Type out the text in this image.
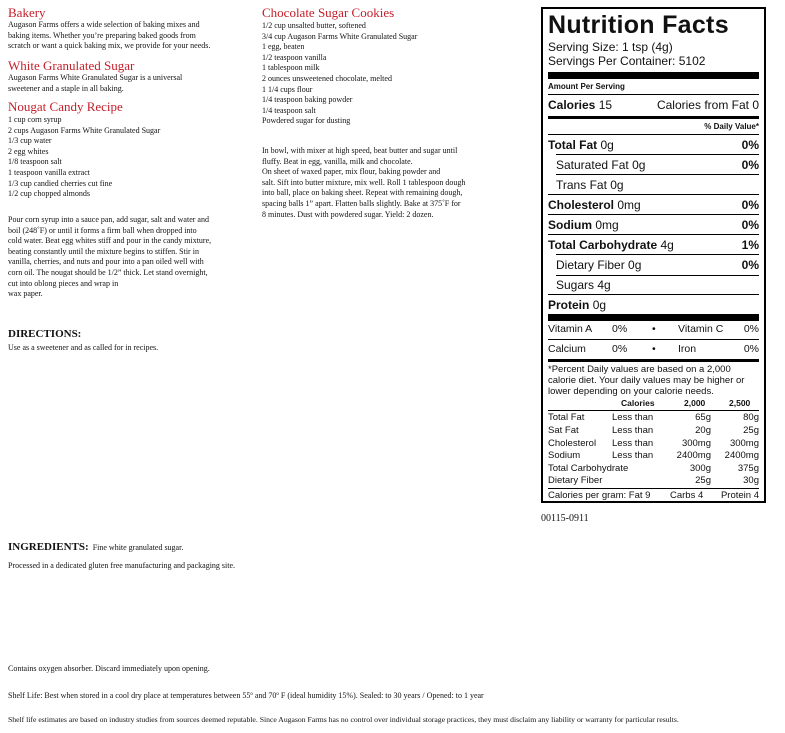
Bakery
Augason Farms offers a wide selection of baking mixes and
baking items. Whether you’re preparing baked goods from
scratch or want a quick baking mix, we provide for your needs.
White Granulated Sugar
Augason Farms White Granulated Sugar is a universal
sweetener and a staple in all baking.
Nougat Candy Recipe
1 cup corn syrup
2 cups Augason Farms White Granulated Sugar
1/3 cup water
2 egg whites
1/8 teaspoon salt
1 teaspoon vanilla extract
1/3 cup candied cherries cut fine
1/2 cup chopped almonds
Pour corn syrup into a sauce pan, add sugar, salt and water and
boil (248˚F) or until it forms a firm ball when dropped into
cold water. Beat egg whites stiff and pour in the candy mixture,
beating constantly until the mixture begins to stiffen. Stir in
vanilla, cherries, and nuts and pour into a pan oiled well with
corn oil. The nougat should be 1/2” thick. Let stand overnight,
cut into oblong pieces and wrap in
wax paper.
DIRECTIONS:
Use as a sweetener and as called for in recipes.
Chocolate Sugar Cookies
1/2 cup unsalted butter, softened
3/4 cup Augason Farms White Granulated Sugar
1 egg, beaten
1/2 teaspoon vanilla
1 tablespoon milk
2 ounces unsweetened chocolate, melted
1 1/4 cups flour
1/4 teaspoon baking powder
1/4 teaspoon salt
Powdered sugar for dusting
In bowl, with mixer at high speed, beat butter and sugar until
fluffy. Beat in egg, vanilla, milk and chocolate.
On sheet of waxed paper, mix flour, baking powder and
salt. Sift into butter mixture, mix well. Roll 1 tablespoon dough
into ball, place on baking sheet. Repeat with remaining dough,
spacing balls 1” apart. Flatten balls slightly. Bake at 375˚F for
8 minutes. Dust with powdered sugar. Yield: 2 dozen.
Nutrition Facts
Serving Size: 1 tsp (4g)
Servings Per Container: 5102
Amount Per Serving
Calories 15	Calories from Fat 0
% Daily Value*
Total Fat 0g	0%
Saturated Fat 0g	0%
Trans Fat 0g
Cholesterol 0mg	0%
Sodium 0mg	0%
Total Carbohydrate 4g	1%
Dietary Fiber 0g	0%
Sugars 4g
Protein 0g
Vitamin A 0% • Vitamin C 0%
Calcium 0% • Iron	0%
*Percent Daily values are based on a 2,000
calorie diet. Your daily values may be higher or
lower depending on your calorie needs.
Calories	2,000	2,500
Total Fat	Less than	65g	80g
Sat Fat	Less than	20g	25g
Cholesterol Less than	300mg 300mg
Sodium	Less than 2400mg 2400mg
Total Carbohydrate	300g	375g
Dietary Fiber	25g	30g
Calories per gram: Fat 9 Carbs 4 Protein 4
00115-0911
INGREDIENTS: Fine white granulated sugar.
Processed in a dedicated gluten free manufacturing and packaging site.
Contains oxygen absorber. Discard immediately upon opening.
Shelf Life: Best when stored in a cool dry place at temperatures between 55º and 70º F (ideal humidity 15%). Sealed: to 30 years / Opened: to 1 year
Shelf life estimates are based on industry studies from sources deemed reputable. Since Augason Farms has no control over individual storage practices, they must disclaim any liability or warranty for particular results.
